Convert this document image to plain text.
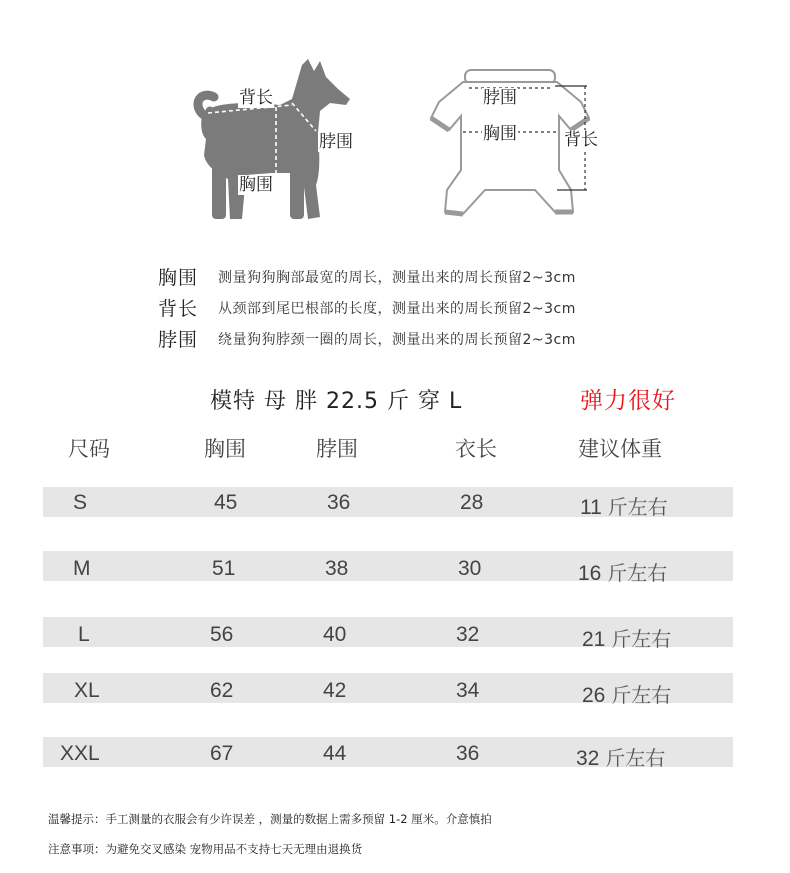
背长
脖围
胸围
脖围
胸围	背长
胸围 测量狗狗胸部最宽的周长，测量出来的周长预留2~3cm
背长 从颈部到尾巴根部的长度，测量出来的周长预留2~3cm
脖围 绕量狗狗脖颈一圈的周长，测量出来的周长预留2~3cm
模特 母 胖 22.5 斤 穿 L	弹力很好
尺码	胸围	脖围	衣长	建议体重
S	45	36	28	11 斤左右
M	51	38	30	16 斤左右
L	56	40	32	21 斤左右
XL	62	42	34	26 斤左右
XXL	67	44	36	32 斤左右
温馨提示：手工测量的衣服会有少许误差 ，测量的数据上需多预留 1-2 厘米。介意慎拍
注意事项：为避免交叉感染 宠物用品不支持七天无理由退换货
